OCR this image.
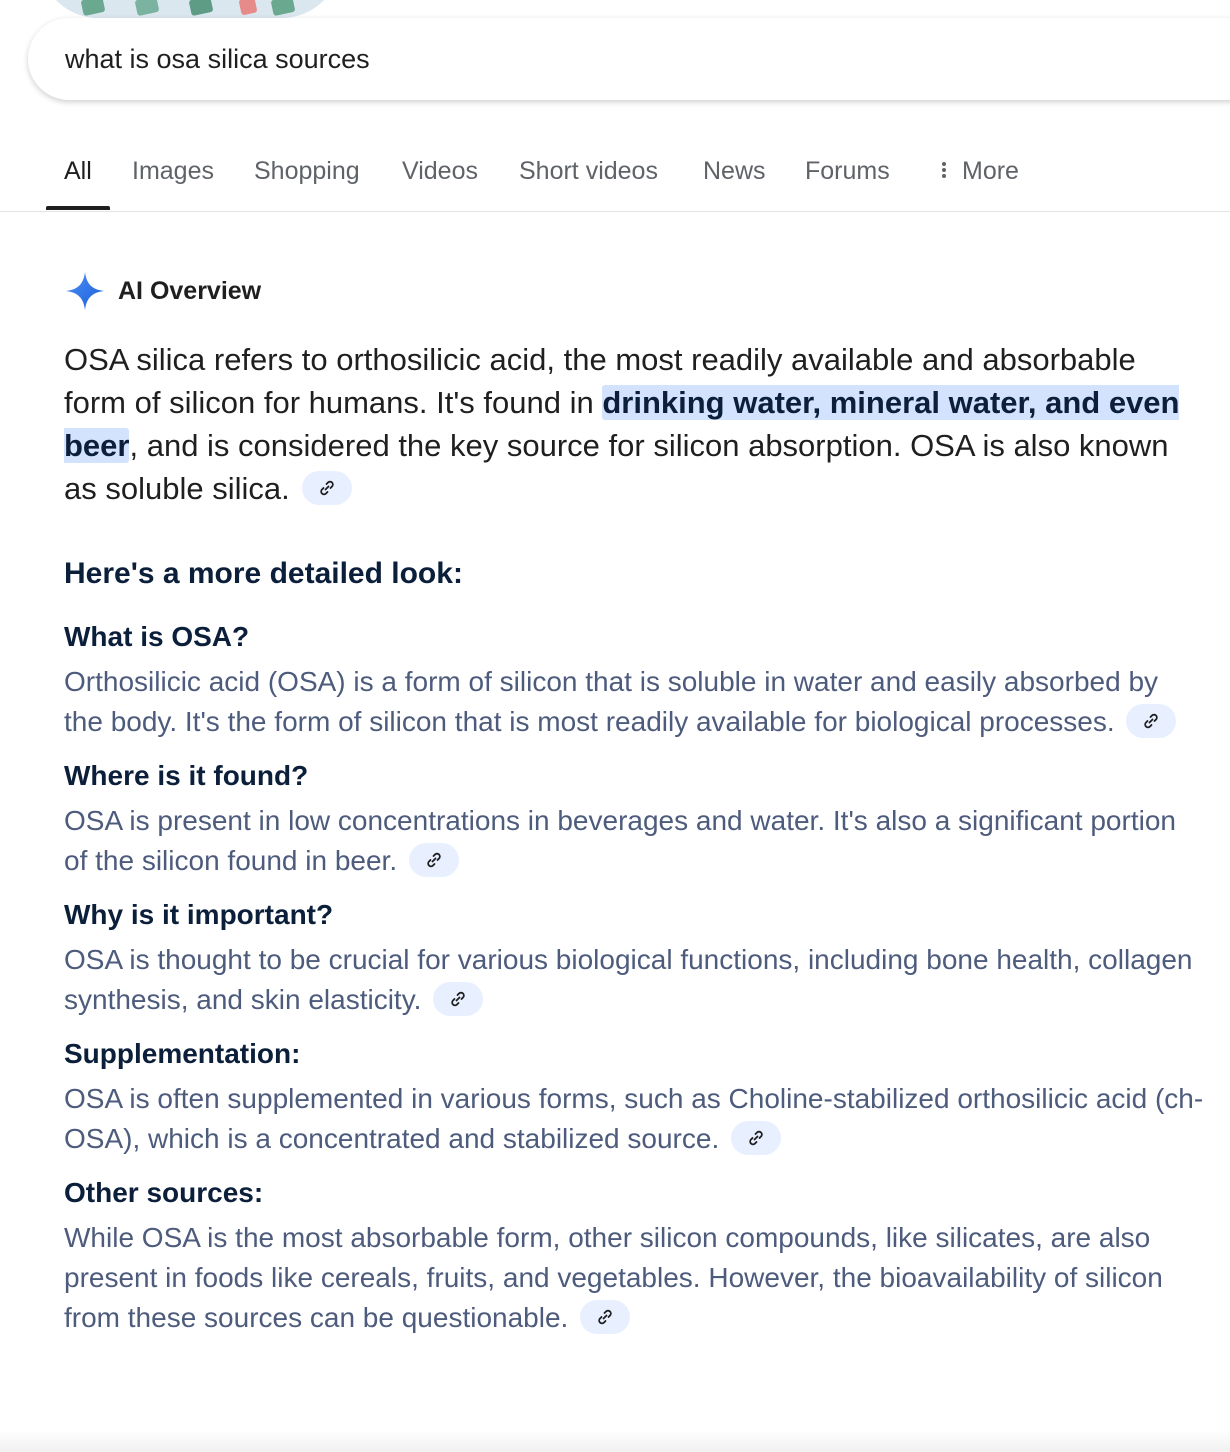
what is osa silica sources
All Images Shopping Videos Short videos News Forums	More
AI Overview

OSA silica refers to orthosilicic acid, the most readily available and absorbable form of silicon for humans. It's found in drinking water, mineral water, and even beer, and is considered the key source for silicon absorption. OSA is also known as soluble silica.

Here's a more detailed look:
What is OSA?

Orthosilicic acid (OSA) is a form of silicon that is soluble in water and easily absorbed by the body. It's the form of silicon that is most readily available for biological processes.

Where is it found?

OSA is present in low concentrations in beverages and water. It's also a significant portion of the silicon found in beer.

Why is it important?

OSA is thought to be crucial for various biological functions, including bone health, collagen synthesis, and skin elasticity.

Supplementation:

OSA is often supplemented in various forms, such as Choline-stabilized orthosilicic acid (ch-OSA), which is a concentrated and stabilized source.

Other sources:

While OSA is the most absorbable form, other silicon compounds, like silicates, are also present in foods like cereals, fruits, and vegetables. However, the bioavailability of silicon from these sources can be questionable.
